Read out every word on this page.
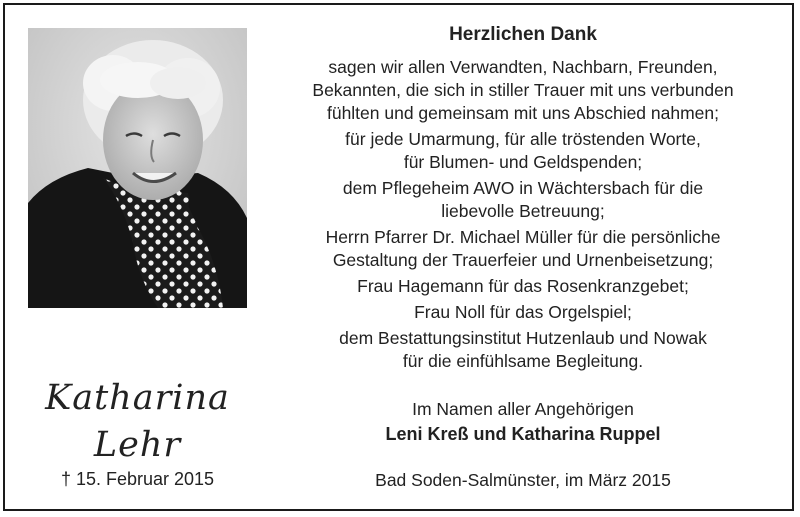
Katharina
Lehr
† 15. Februar 2015
Herzlichen Dank
sagen wir allen Verwandten, Nachbarn, Freunden,
Bekannten, die sich in stiller Trauer mit uns verbunden
fühlten und gemeinsam mit uns Abschied nahmen;
für jede Umarmung, für alle tröstenden Worte,
für Blumen- und Geldspenden;
dem Pflegeheim AWO in Wächtersbach für die
liebevolle Betreuung;
Herrn Pfarrer Dr. Michael Müller für die persönliche
Gestaltung der Trauerfeier und Urnenbeisetzung;
Frau Hagemann für das Rosenkranzgebet;
Frau Noll für das Orgelspiel;
dem Bestattungsinstitut Hutzenlaub und Nowak
für die einfühlsame Begleitung.
Im Namen aller Angehörigen
Leni Kreß und Katharina Ruppel
Bad Soden-Salmünster, im März 2015
